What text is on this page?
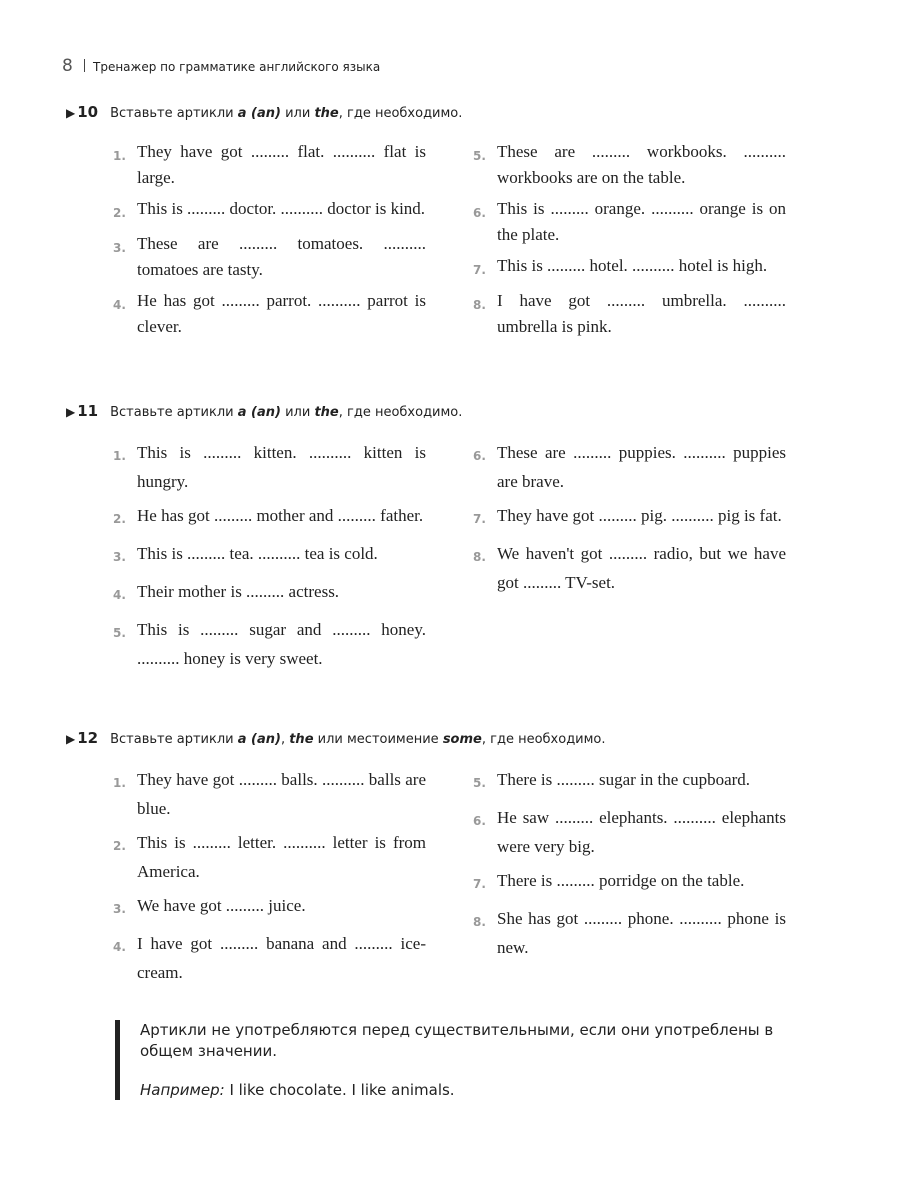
8 Тренажер по грамматике английского языка
▶ 10 Вставьте артикли a (an) или the, где необходимо.
1. They have got ......... flat. .......... flat is large.
2. This is ......... doctor. .......... doctor is kind.
3. These are ......... tomatoes. .......... tomatoes are tasty.
4. He has got ......... parrot. .......... parrot is clever.
5. These are ......... workbooks. .......... workbooks are on the table.
6. This is ......... orange. .......... orange is on the plate.
7. This is ......... hotel. .......... hotel is high.
8. I have got ......... umbrella. .......... umbrella is pink.
▶ 11 Вставьте артикли a (an) или the, где необходимо.
1. This is ......... kitten. .......... kitten is hungry.
2. He has got ......... mother and ......... father.
3. This is ......... tea. .......... tea is cold.
4. Their mother is ......... actress.
5. This is ......... sugar and ......... honey. .......... honey is very sweet.
6. These are ......... puppies. .......... puppies are brave.
7. They have got ......... pig. .......... pig is fat.
8. We haven't got ......... radio, but we have got ......... TV-set.
▶ 12 Вставьте артикли a (an), the или местоимение some, где необходимо.
1. They have got ......... balls. .......... balls are blue.
2. This is ......... letter. .......... letter is from America.
3. We have got ......... juice.
4. I have got ......... banana and ......... ice-cream.
5. There is ......... sugar in the cupboard.
6. He saw ......... elephants. .......... elephants were very big.
7. There is ......... porridge on the table.
8. She has got ......... phone. .......... phone is new.

Артикли не употребляются перед существительными, если они употреблены в общем значении.

Например: I like chocolate. I like animals.
